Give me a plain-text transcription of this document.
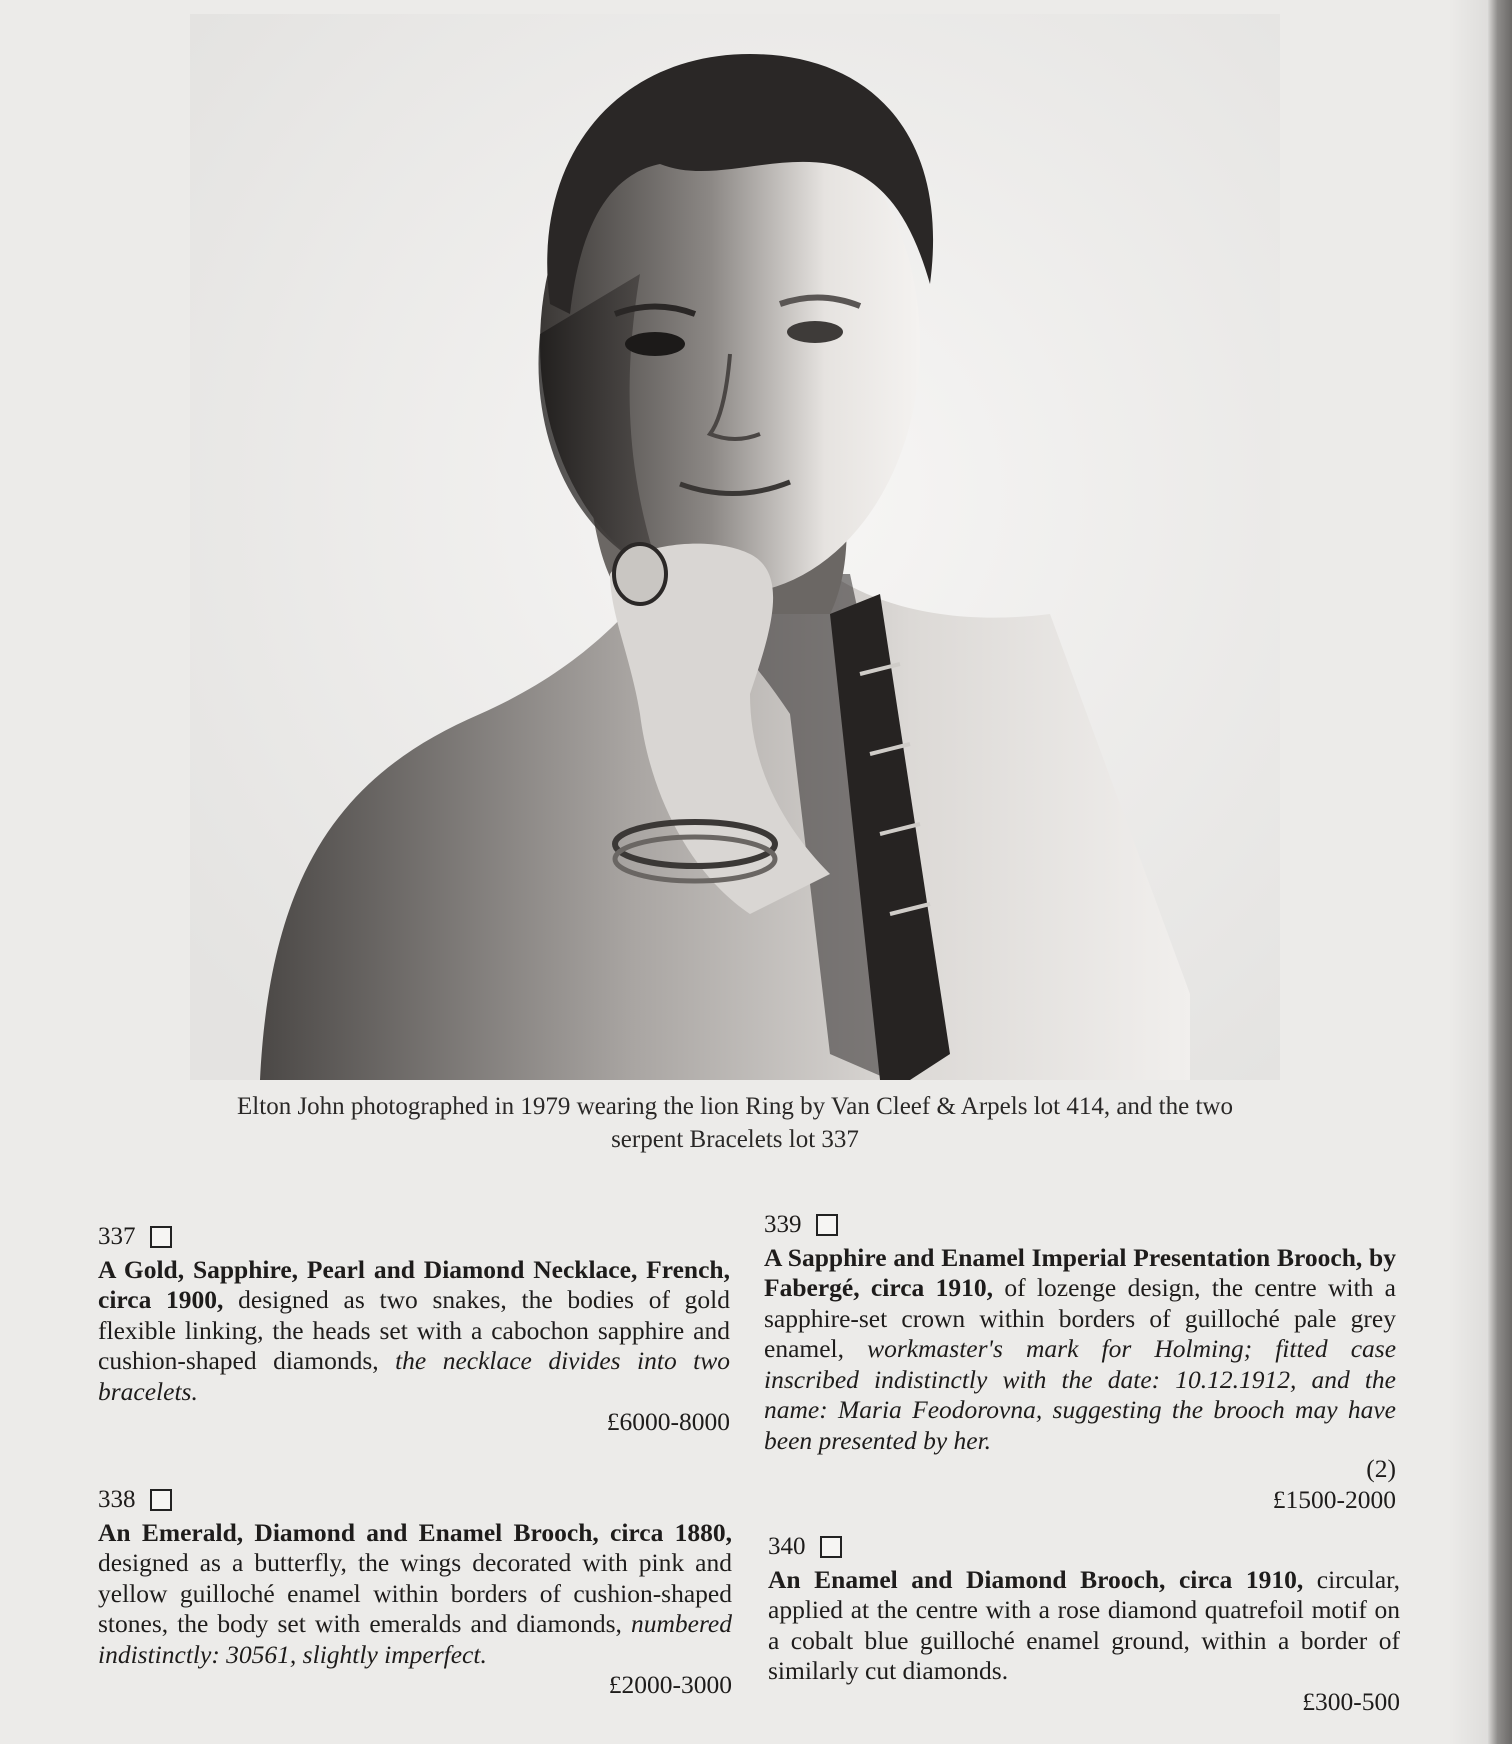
Elton John photographed in 1979 wearing the lion Ring by Van Cleef & Arpels lot 414, and the two
serpent Bracelets lot 337
337
A Gold, Sapphire, Pearl and Diamond Necklace, French, circa 1900, designed as two snakes, the bodies of gold flexible linking, the heads set with a cabochon sapphire and cushion-shaped diamonds, the necklace divides into two bracelets.
£6000-8000
338
An Emerald, Diamond and Enamel Brooch, circa 1880, designed as a butterfly, the wings decorated with pink and yellow guilloché enamel within borders of cushion-shaped stones, the body set with emeralds and diamonds, numbered indistinctly: 30561, slightly imperfect.
£2000-3000
339
A Sapphire and Enamel Imperial Presentation Brooch, by Fabergé, circa 1910, of lozenge design, the centre with a sapphire-set crown within borders of guilloché pale grey enamel, workmaster's mark for Holming; fitted case inscribed indistinctly with the date: 10.12.1912, and the name: Maria Feodorovna, suggesting the brooch may have been presented by her.
(2)
£1500-2000
340
An Enamel and Diamond Brooch, circa 1910, circular, applied at the centre with a rose diamond quatrefoil motif on a cobalt blue guilloché enamel ground, within a border of similarly cut diamonds.
£300-500
